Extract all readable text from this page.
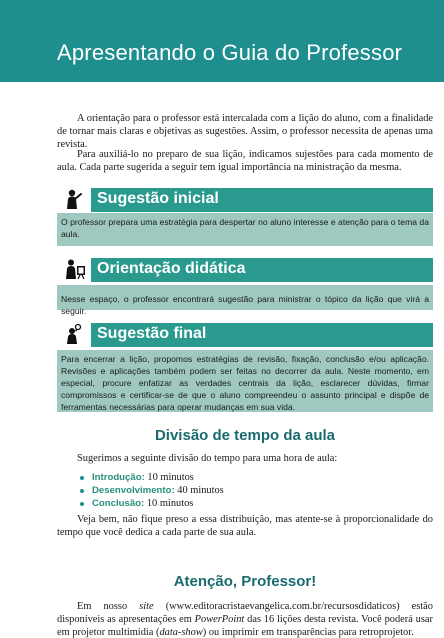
Apresentando o Guia do Professor

A orientação para o professor está intercalada com a lição do aluno, com a finalidade de tornar mais claras e objetivas as sugestões. Assim, o professor necessita de apenas uma revista.

Para auxiliá-lo no preparo de sua lição, indicamos sujestões para cada momento de aula. Cada parte sugerida a seguir tem igual importância na ministração da mesma.

Sugestão inicial
O professor prepara uma estratégia para despertar no aluno interesse e atenção para o tema da aula.
Orientação didática
Nesse espaço, o professor encontrará sugestão para ministrar o tópico da lição que virá a seguir.
Sugestão final
Para encerrar a lição, propomos estratégias de revisão, fixação, conclusão e/ou aplicação. Revisões e aplicações também podem ser feitas no decorrer da aula. Neste momento, em especial, procure enfatizar as verdades centrais da lição, esclarecer dúvidas, firmar compromissos e certificar-se de que o aluno compreendeu o assunto principal e dispõe de ferramentas necessárias para operar mudanças em sua vida.
Divisão de tempo da aula

Sugerimos a seguinte divisão do tempo para uma hora de aula:

Introdução: 10 minutos
Desenvolvimento: 40 minutos
Conclusão: 10 minutos

Veja bem, não fique preso a essa distribuição, mas atente-se à proporcionalidade do tempo que você dedica a cada parte de sua aula.

Atenção, Professor!

Em nosso site (www.editoracristaevangelica.com.br/recursosdidaticos) estão disponíveis as apresentações em PowerPoint das 16 lições desta revista. Você poderá usar em projetor multimídia (data-show) ou imprimir em transparências para retroprojetor.
